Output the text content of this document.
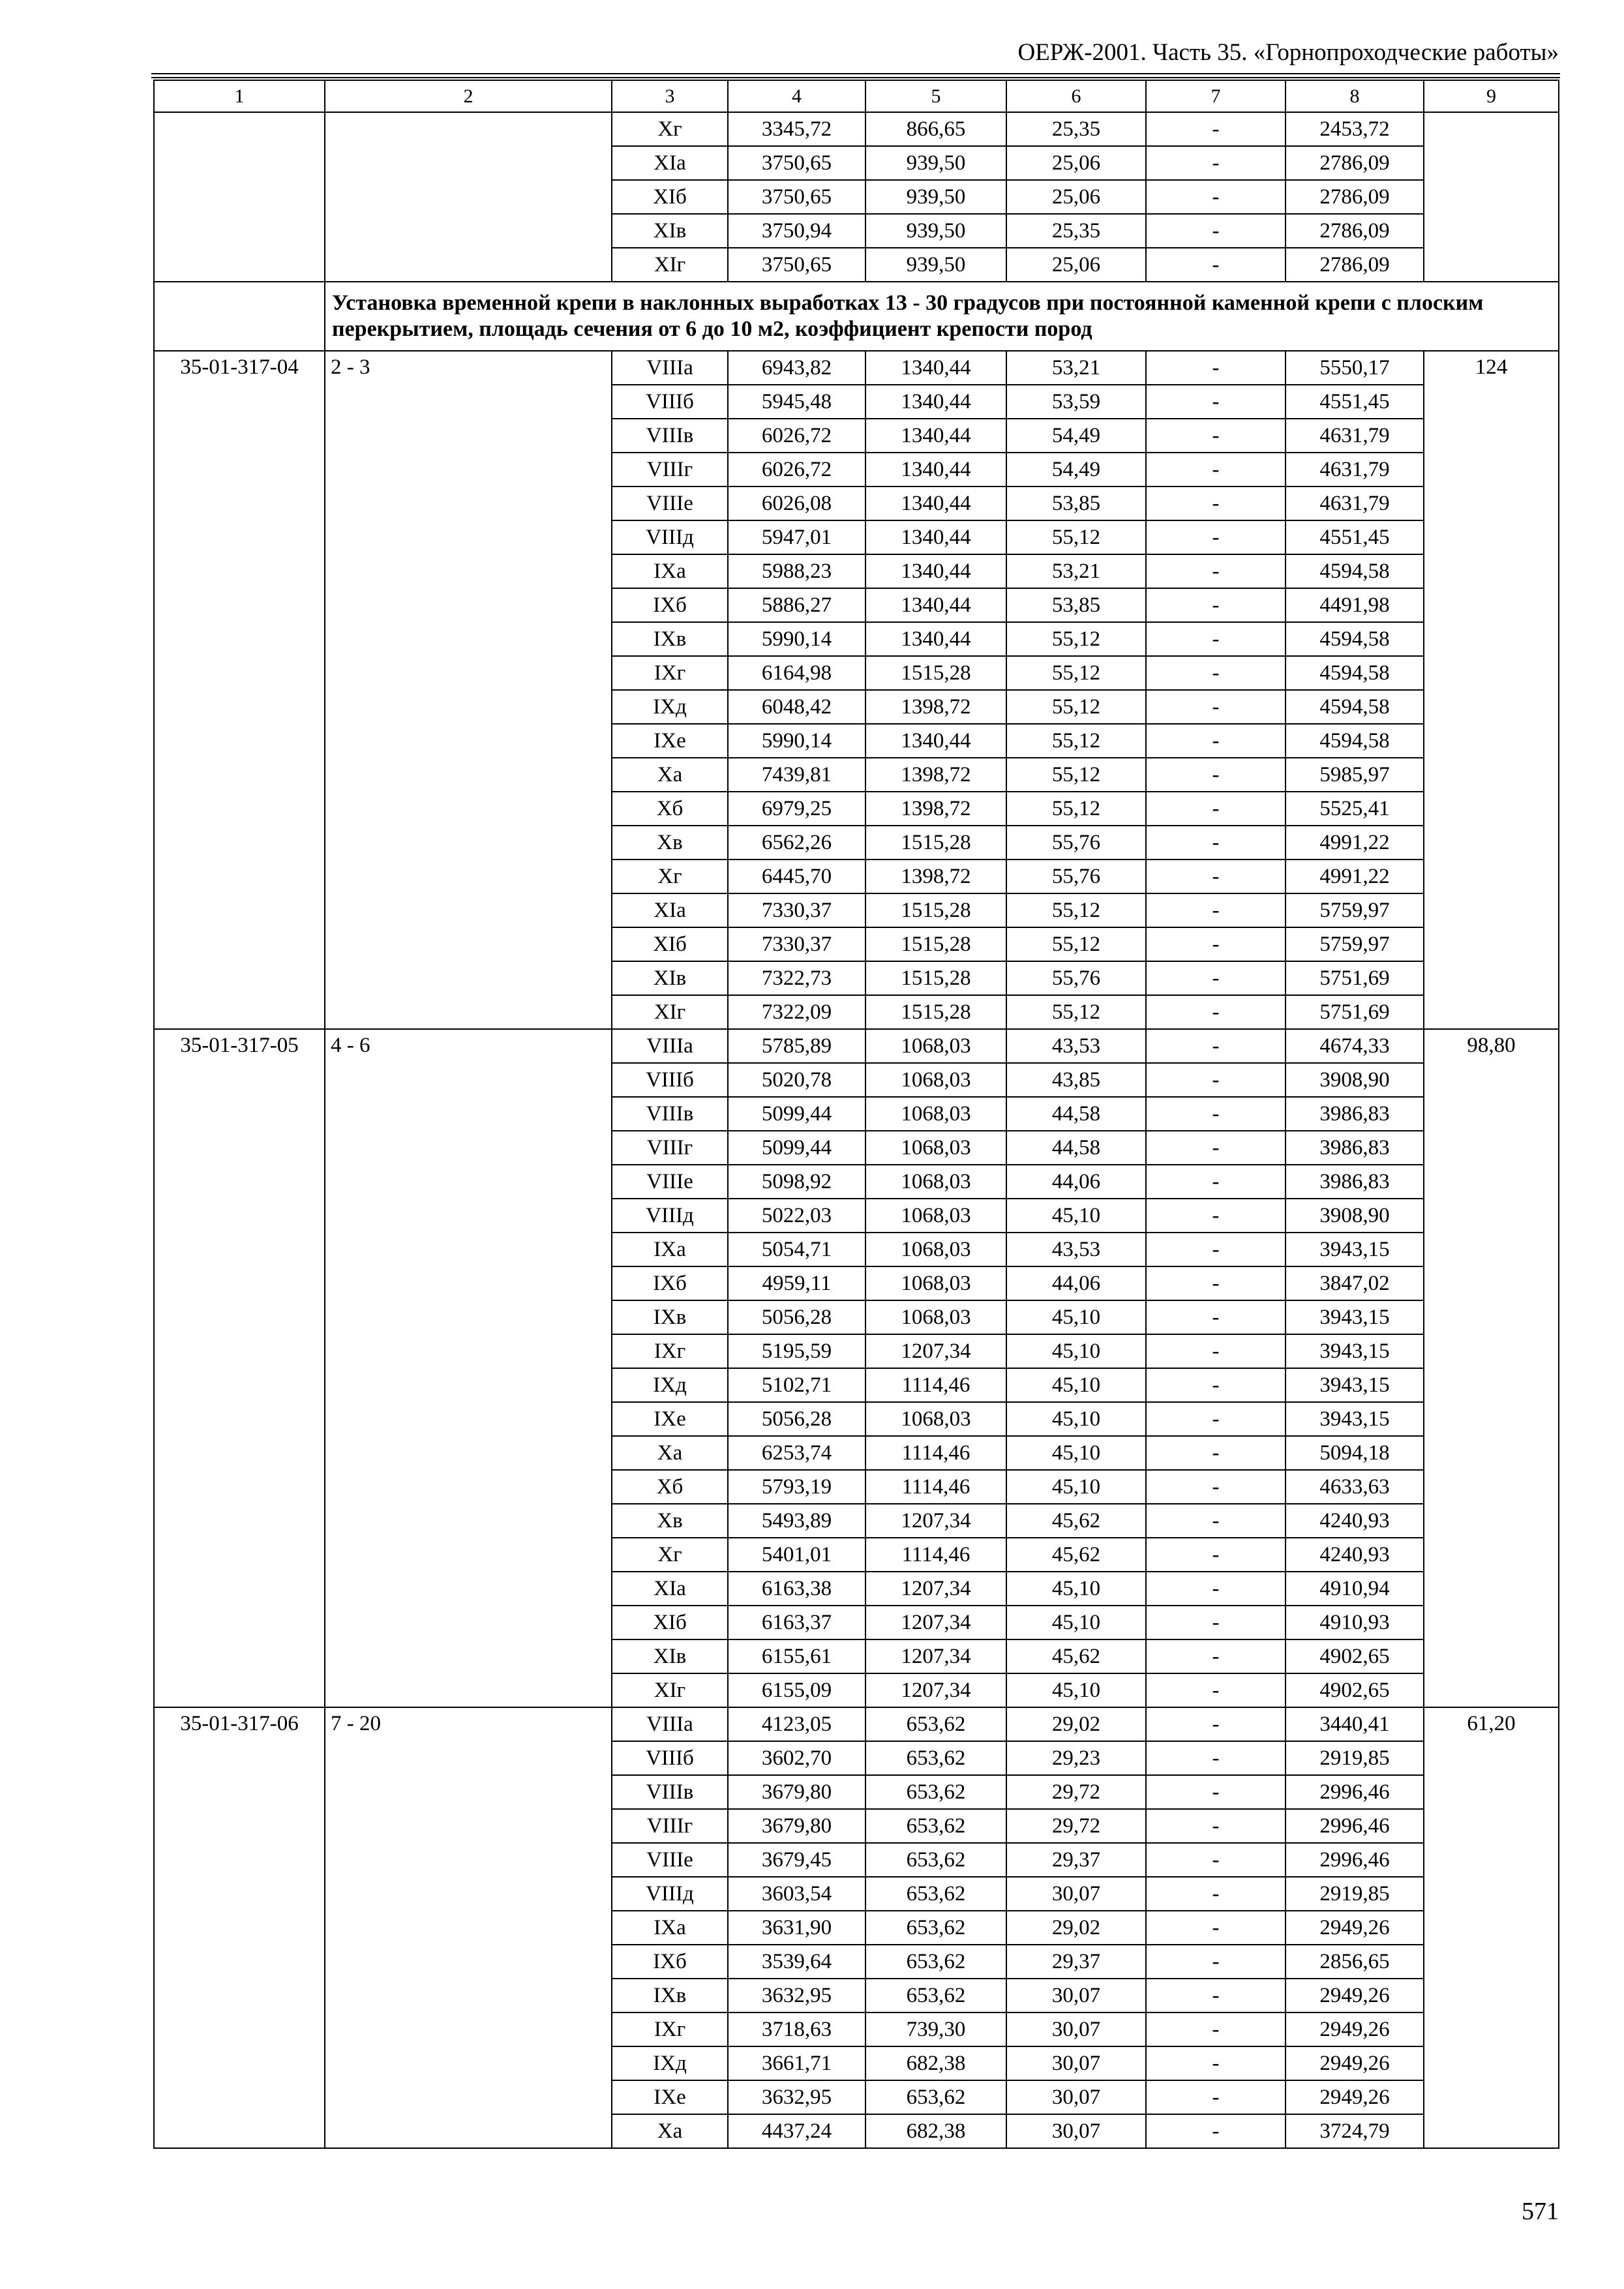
ОЕРЖ-2001. Часть 35. «Горнопроходческие работы»
1	2	3	4	5	6	7	8	9
		Xг	3345,72	866,65	25,35	-	2453,72	
		XIа	3750,65	939,50	25,06	-	2786,09	
		XIб	3750,65	939,50	25,06	-	2786,09	
		XIв	3750,94	939,50	25,35	-	2786,09	
		XIг	3750,65	939,50	25,06	-	2786,09	
	Установка временной крепи в наклонных выработках 13 - 30 градусов при постоянной каменной крепи с плоским перекрытием, площадь сечения от 6 до 10 м2, коэффициент крепости пород							
35-01-317-04	2 - 3	VIIIа	6943,82	1340,44	53,21	-	5550,17	124
		VIIIб	5945,48	1340,44	53,59	-	4551,45	
		VIIIв	6026,72	1340,44	54,49	-	4631,79	
		VIIIг	6026,72	1340,44	54,49	-	4631,79	
		VIIIе	6026,08	1340,44	53,85	-	4631,79	
		VIIIд	5947,01	1340,44	55,12	-	4551,45	
		IXа	5988,23	1340,44	53,21	-	4594,58	
		IXб	5886,27	1340,44	53,85	-	4491,98	
		IXв	5990,14	1340,44	55,12	-	4594,58	
		IXг	6164,98	1515,28	55,12	-	4594,58	
		IXд	6048,42	1398,72	55,12	-	4594,58	
		IXе	5990,14	1340,44	55,12	-	4594,58	
		Xа	7439,81	1398,72	55,12	-	5985,97	
		Xб	6979,25	1398,72	55,12	-	5525,41	
		Xв	6562,26	1515,28	55,76	-	4991,22	
		Xг	6445,70	1398,72	55,76	-	4991,22	
		XIа	7330,37	1515,28	55,12	-	5759,97	
		XIб	7330,37	1515,28	55,12	-	5759,97	
		XIв	7322,73	1515,28	55,76	-	5751,69	
		XIг	7322,09	1515,28	55,12	-	5751,69	
35-01-317-05	4 - 6	VIIIа	5785,89	1068,03	43,53	-	4674,33	98,80
		VIIIб	5020,78	1068,03	43,85	-	3908,90	
		VIIIв	5099,44	1068,03	44,58	-	3986,83	
		VIIIг	5099,44	1068,03	44,58	-	3986,83	
		VIIIе	5098,92	1068,03	44,06	-	3986,83	
		VIIIд	5022,03	1068,03	45,10	-	3908,90	
		IXа	5054,71	1068,03	43,53	-	3943,15	
		IXб	4959,11	1068,03	44,06	-	3847,02	
		IXв	5056,28	1068,03	45,10	-	3943,15	
		IXг	5195,59	1207,34	45,10	-	3943,15	
		IXд	5102,71	1114,46	45,10	-	3943,15	
		IXе	5056,28	1068,03	45,10	-	3943,15	
		Xа	6253,74	1114,46	45,10	-	5094,18	
		Xб	5793,19	1114,46	45,10	-	4633,63	
		Xв	5493,89	1207,34	45,62	-	4240,93	
		Xг	5401,01	1114,46	45,62	-	4240,93	
		XIа	6163,38	1207,34	45,10	-	4910,94	
		XIб	6163,37	1207,34	45,10	-	4910,93	
		XIв	6155,61	1207,34	45,62	-	4902,65	
		XIг	6155,09	1207,34	45,10	-	4902,65	
35-01-317-06	7 - 20	VIIIа	4123,05	653,62	29,02	-	3440,41	61,20
		VIIIб	3602,70	653,62	29,23	-	2919,85	
		VIIIв	3679,80	653,62	29,72	-	2996,46	
		VIIIг	3679,80	653,62	29,72	-	2996,46	
		VIIIе	3679,45	653,62	29,37	-	2996,46	
		VIIIд	3603,54	653,62	30,07	-	2919,85	
		IXа	3631,90	653,62	29,02	-	2949,26	
		IXб	3539,64	653,62	29,37	-	2856,65	
		IXв	3632,95	653,62	30,07	-	2949,26	
		IXг	3718,63	739,30	30,07	-	2949,26	
		IXд	3661,71	682,38	30,07	-	2949,26	
		IXе	3632,95	653,62	30,07	-	2949,26	
		Xа	4437,24	682,38	30,07	-	3724,79	
571
